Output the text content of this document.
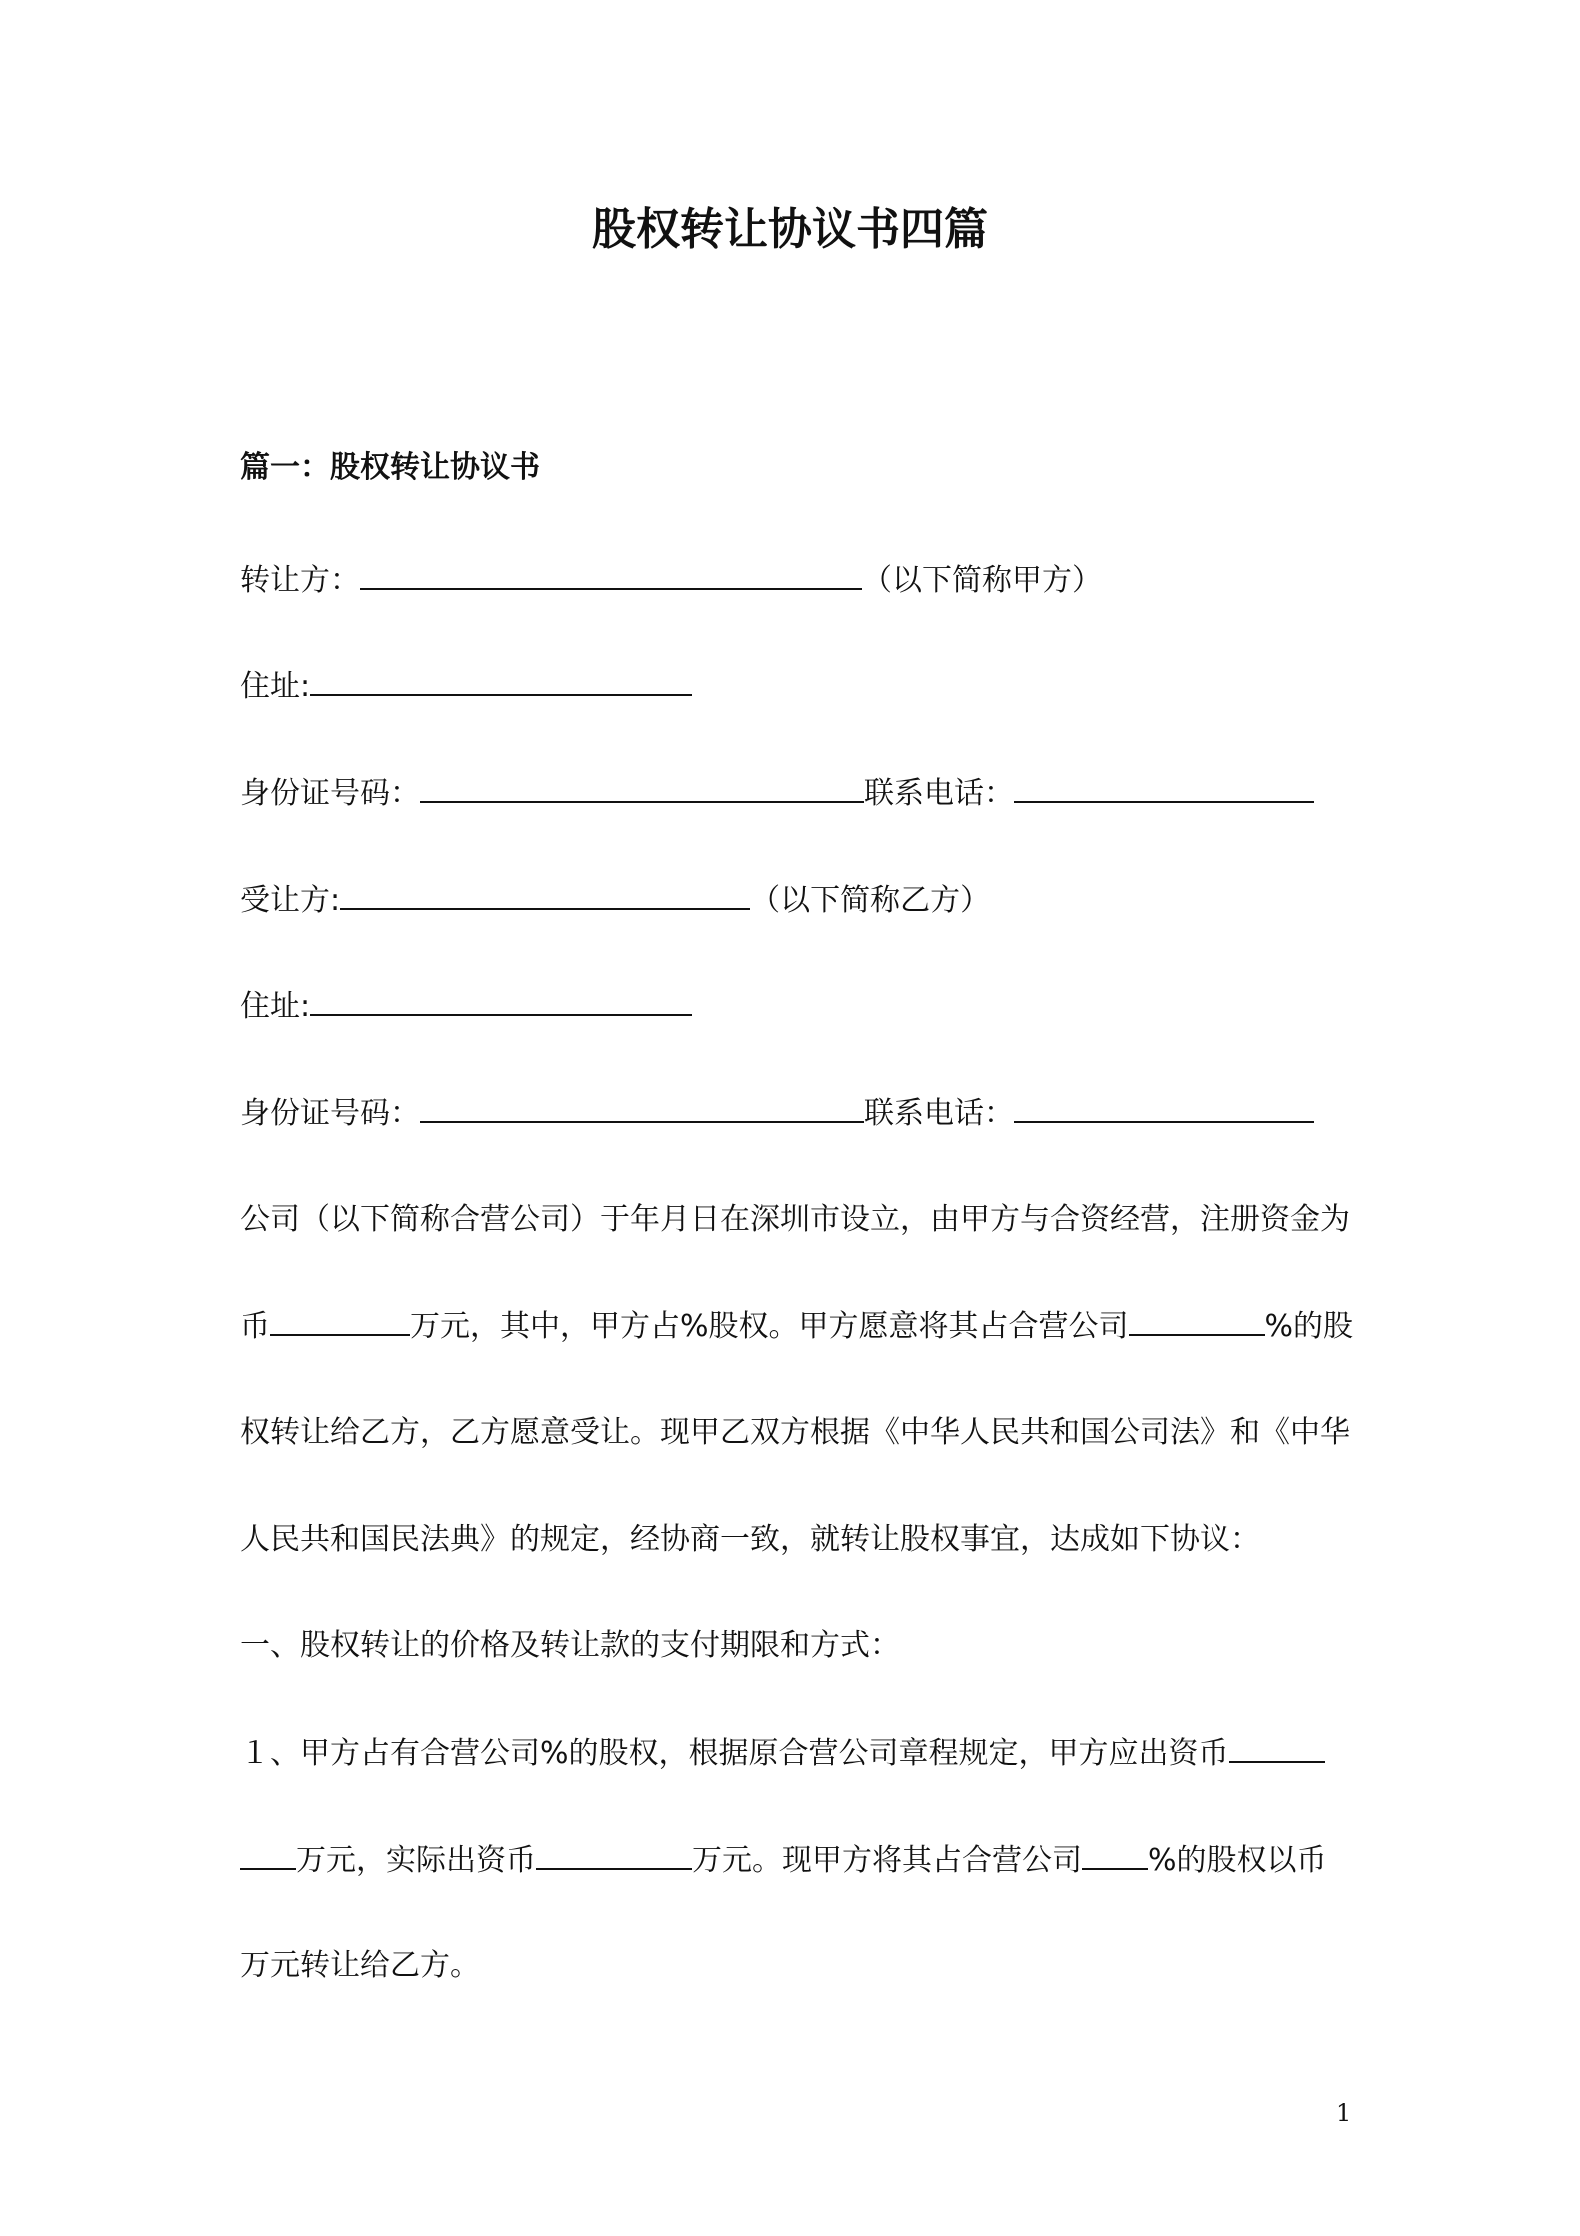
股权转让协议书四篇
篇一：股权转让协议书
转让方：	（以下简称甲方）
住址:
身份证号码：	联系电话：
受让方:	（以下简称乙方）
住址:
身份证号码：	联系电话：
公司（以下简称合营公司）于年月日在深圳市设立，由甲方与合资经营，注册资金为
币	万元，其中，甲方占%股权。甲方愿意将其占合营公司	%的股
权转让给乙方，乙方愿意受让。现甲乙双方根据《中华人民共和国公司法》和《中华
人民共和国民法典》的规定，经协商一致，就转让股权事宜，达成如下协议：
一、股权转让的价格及转让款的支付期限和方式：
１、甲方占有合营公司%的股权，根据原合营公司章程规定，甲方应出资币
万元，实际出资币	万元。现甲方将其占合营公司 %的股权以币
万元转让给乙方。
1
